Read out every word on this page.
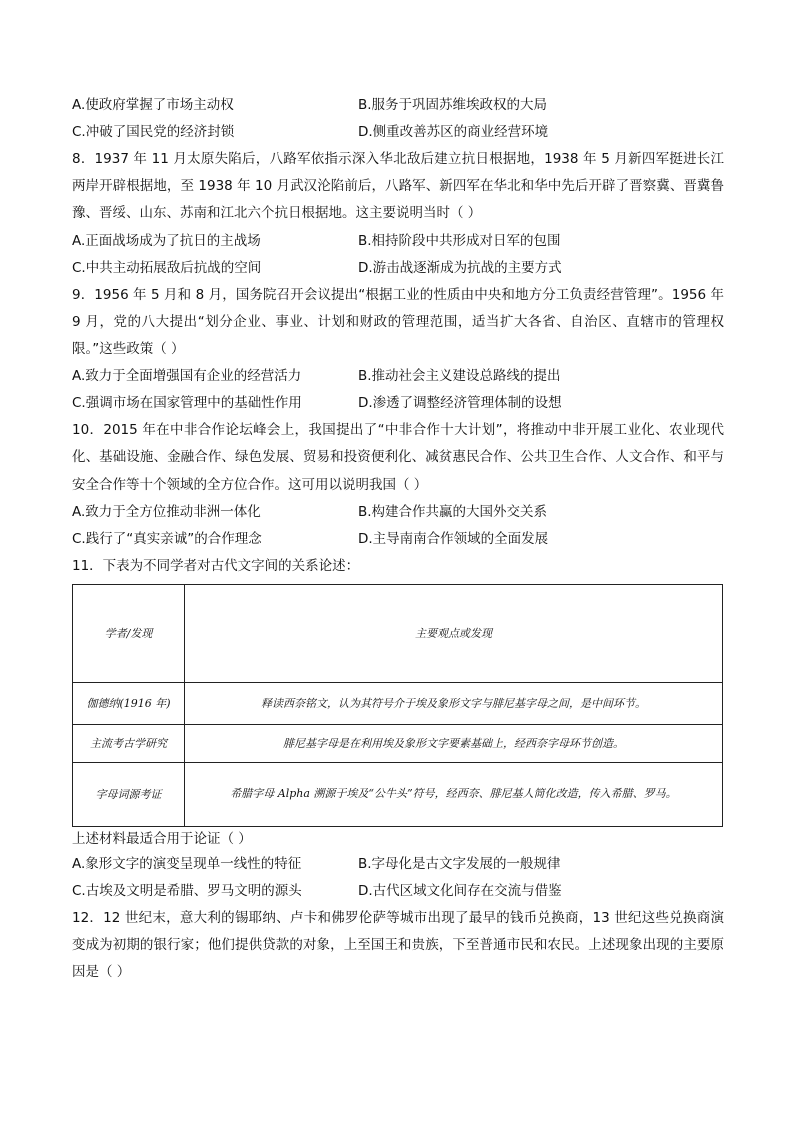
A.使政府掌握了市场主动权	B.服务于巩固苏维埃政权的大局
C.冲破了国民党的经济封锁	D.侧重改善苏区的商业经营环境
8．1937 年 11 月太原失陷后，八路军依指示深入华北敌后建立抗日根据地，1938 年 5 月新四军挺进长江两岸开辟根据地，至 1938 年 10 月武汉沦陷前后，八路军、新四军在华北和华中先后开辟了晋察冀、晋冀鲁豫、晋绥、山东、苏南和江北六个抗日根据地。这主要说明当时（ ）
A.正面战场成为了抗日的主战场	B.相持阶段中共形成对日军的包围
C.中共主动拓展敌后抗战的空间	D.游击战逐渐成为抗战的主要方式
9．1956 年 5 月和 8 月，国务院召开会议提出“根据工业的性质由中央和地方分工负责经营管理”。1956 年 9 月，党的八大提出“划分企业、事业、计划和财政的管理范围，适当扩大各省、自治区、直辖市的管理权限。”这些政策（ ）
A.致力于全面增强国有企业的经营活力	B.推动社会主义建设总路线的提出
C.强调市场在国家管理中的基础性作用	D.渗透了调整经济管理体制的设想
10．2015 年在中非合作论坛峰会上，我国提出了“中非合作十大计划”，将推动中非开展工业化、农业现代化、基础设施、金融合作、绿色发展、贸易和投资便利化、减贫惠民合作、公共卫生合作、人文合作、和平与安全合作等十个领域的全方位合作。这可用以说明我国（ ）
A.致力于全方位推动非洲一体化	B.构建合作共赢的大国外交关系
C.践行了“真实亲诚”的合作理念	D.主导南南合作领域的全面发展
11．下表为不同学者对古代文字间的关系论述：
学者/发现	主要观点或发现
伽德纳(1916 年)	释读西奈铭文，认为其符号介于埃及象形文字与腓尼基字母之间，是中间环节。
主流考古学研究	腓尼基字母是在利用埃及象形文字要素基础上，经西奈字母环节创造。
字母词源考证	希腊字母 Alpha 溯源于埃及“公牛头”符号，经西奈、腓尼基人简化改造，传入希腊、罗马。
上述材料最适合用于论证（ ）
A.象形文字的演变呈现单一线性的特征	B.字母化是古文字发展的一般规律
C.古埃及文明是希腊、罗马文明的源头	D.古代区域文化间存在交流与借鉴
12．12 世纪末，意大利的锡耶纳、卢卡和佛罗伦萨等城市出现了最早的钱币兑换商，13 世纪这些兑换商演变成为初期的银行家；他们提供贷款的对象，上至国王和贵族，下至普通市民和农民。上述现象出现的主要原因是（ ）
